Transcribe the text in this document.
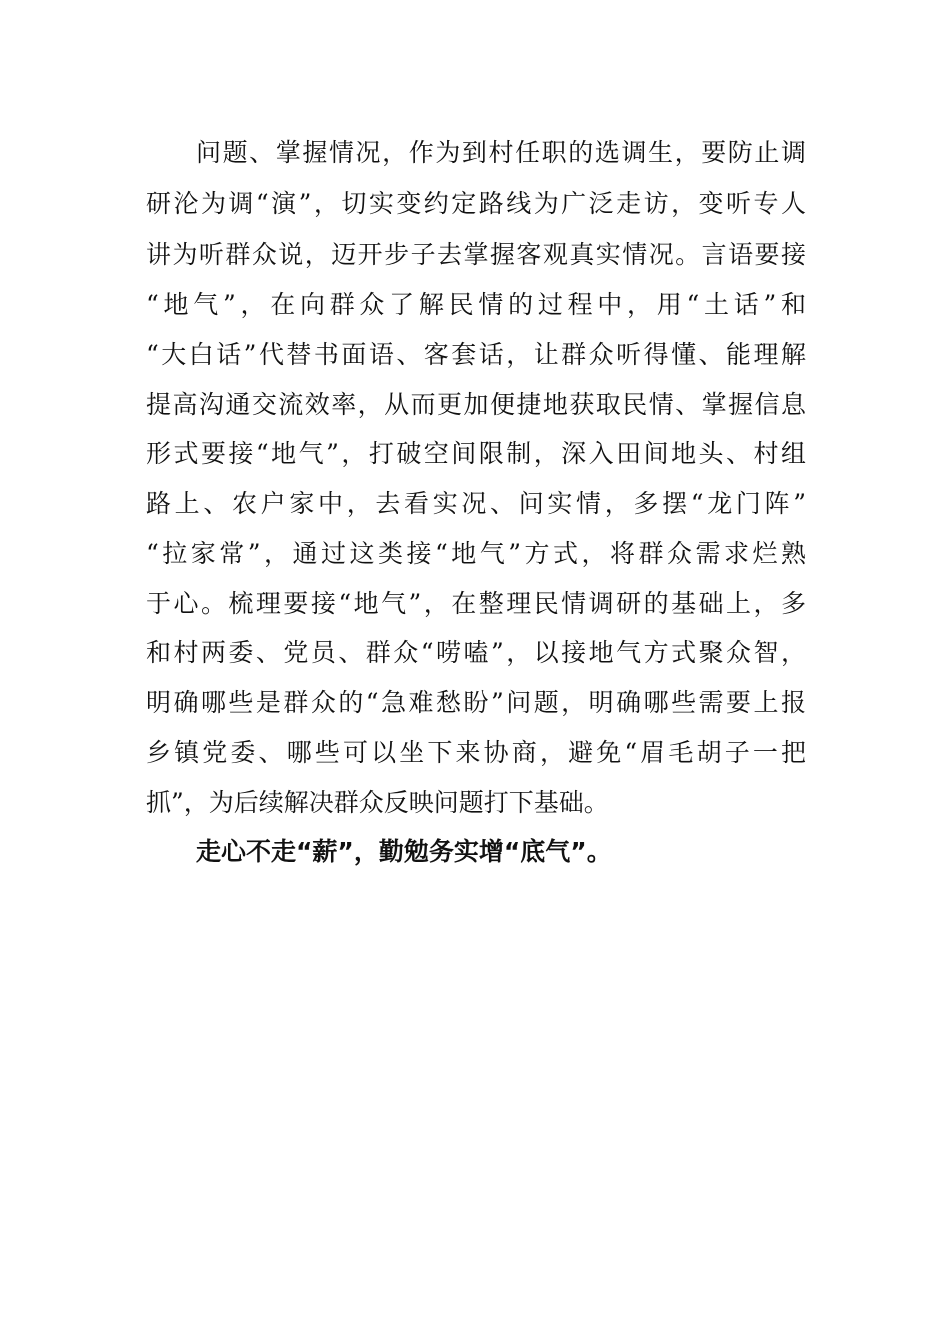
问题、掌握情况，作为到村任职的选调生，要防止调
研沦为调“演”，切实变约定路线为广泛走访，变听专人
讲为听群众说，迈开步子去掌握客观真实情况。言语要接
“地气”，在向群众了解民情的过程中，用“土话”和
“大白话”代替书面语、客套话，让群众听得懂、能理解
提高沟通交流效率，从而更加便捷地获取民情、掌握信息
形式要接“地气”，打破空间限制，深入田间地头、村组
路上、农户家中，去看实况、问实情，多摆“龙门阵”
“拉家常”，通过这类接“地气”方式，将群众需求烂熟
于心。梳理要接“地气”，在整理民情调研的基础上，多
和村两委、党员、群众“唠嗑”，以接地气方式聚众智，
明确哪些是群众的“急难愁盼”问题，明确哪些需要上报
乡镇党委、哪些可以坐下来协商，避免“眉毛胡子一把
抓”，为后续解决群众反映问题打下基础。
走心不走“薪”，勤勉务实增“底气”。
